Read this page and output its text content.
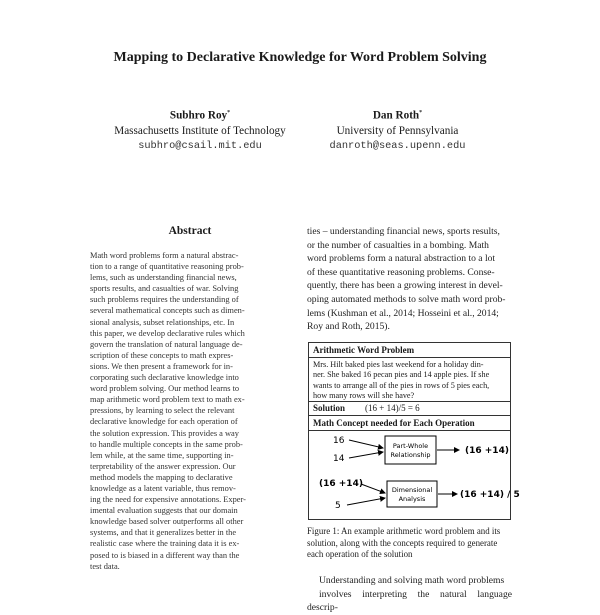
Mapping to Declarative Knowledge for Word Problem Solving
Subhro Roy*
Massachusetts Institute of Technology
subhro@csail.mit.edu
Dan Roth*
University of Pennsylvania
danroth@seas.upenn.edu
Abstract
Math word problems form a natural abstrac-
tion to a range of quantitative reasoning prob-
lems, such as understanding financial news,
sports results, and casualties of war. Solving
such problems requires the understanding of
several mathematical concepts such as dimen-
sional analysis, subset relationships, etc. In
this paper, we develop declarative rules which
govern the translation of natural language de-
scription of these concepts to math expres-
sions. We then present a framework for in-
corporating such declarative knowledge into
word problem solving. Our method learns to
map arithmetic word problem text to math ex-
pressions, by learning to select the relevant
declarative knowledge for each operation of
the solution expression. This provides a way
to handle multiple concepts in the same prob-
lem while, at the same time, supporting in-
terpretability of the answer expression. Our
method models the mapping to declarative
knowledge as a latent variable, thus remov-
ing the need for expensive annotations. Exper-
imental evaluation suggests that our domain
knowledge based solver outperforms all other
systems, and that it generalizes better in the
realistic case where the training data it is ex-
posed to is biased in a different way than the
test data.
ties – understanding financial news, sports results,
or the number of casualties in a bombing. Math
word problems form a natural abstraction to a lot
of these quantitative reasoning problems. Conse-
quently, there has been a growing interest in devel-
oping automated methods to solve math word prob-
lems (Kushman et al., 2014; Hosseini et al., 2014;
Roy and Roth, 2015).
Arithmetic Word Problem
Mrs. Hilt baked pies last weekend for a holiday din-
ner. She baked 16 pecan pies and 14 apple pies. If she
wants to arrange all of the pies in rows of 5 pies each,
how many rows will she have?
Solution (16 + 14)/5 = 6
Math Concept needed for Each Operation
16
14
Part-Whole
Relationship	(16 +14)
(16 +14)
5
Dimensional
Analysis	(16 +14) / 5
Figure 1: An example arithmetic word problem and its
solution, along with the concepts required to generate
each operation of the solution
Understanding and solving math word problems
involves interpreting the natural language descrip-
